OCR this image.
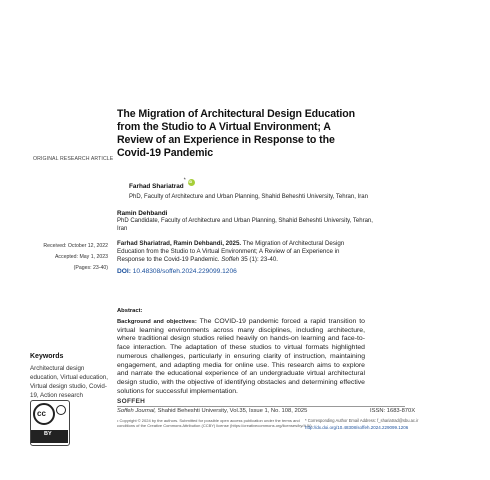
The Migration of Architectural Design Education from the Studio to A Virtual Environment; A Review of an Experience in Response to the Covid-19 Pandemic
ORIGINAL RESEARCH ARTICLE
Farhad Shariatrad*iD
PhD, Faculty of Architecture and Urban Planning, Shahid Beheshti University, Tehran, Iran
Ramin Dehbandi
PhD Candidate, Faculty of Architecture and Urban Planning, Shahid Beheshti University, Tehran, Iran
Received: October 12, 2022
Accepted: May 1, 2023
(Pages: 23-40)
Farhad Shariatrad, Ramin Dehbandi, 2025. The Migration of Architectural Design Education from the Studio to A Virtual Environment; A Review of an Experience in Response to the Covid-19 Pandemic. Soffeh 35 (1): 23-40.
DOI: 10.48308/soffeh.2024.229099.1206
Abstract:
Background and objectives: The COVID-19 pandemic forced a rapid transition to virtual learning environments across many disciplines, including architecture, where traditional design studios relied heavily on hands-on learning and face-to-face interaction. The adaptation of these studios to virtual formats highlighted numerous challenges, particularly in ensuring clarity of instruction, maintaining engagement, and adapting media for online use. This research aims to explore and narrate the educational experience of an undergraduate virtual architectural design studio, with the objective of identifying obstacles and determining effective solutions for successful implementation.
Keywords
Architectural design education, Virtual education, Virtual design studio, Covid-19, Action research
cc
BY
SOFFEH
Soffeh Journal, Shahid Beheshti University, Vol.35, Issue 1, No. 108, 2025	ISSN: 1683-870X
• Copyright © 2024 by the authors. Submitted for possible open access publication under the terms and conditions of the Creative Commons Attribution (CCBY) license (https://creativecommons.org/licenses/by/4.0/).
* Corresponding Author Email Address: f_shariatrad@sbu.ac.ir
http://dx.doi.org/10.48308/soffeh.2024.229099.1206
